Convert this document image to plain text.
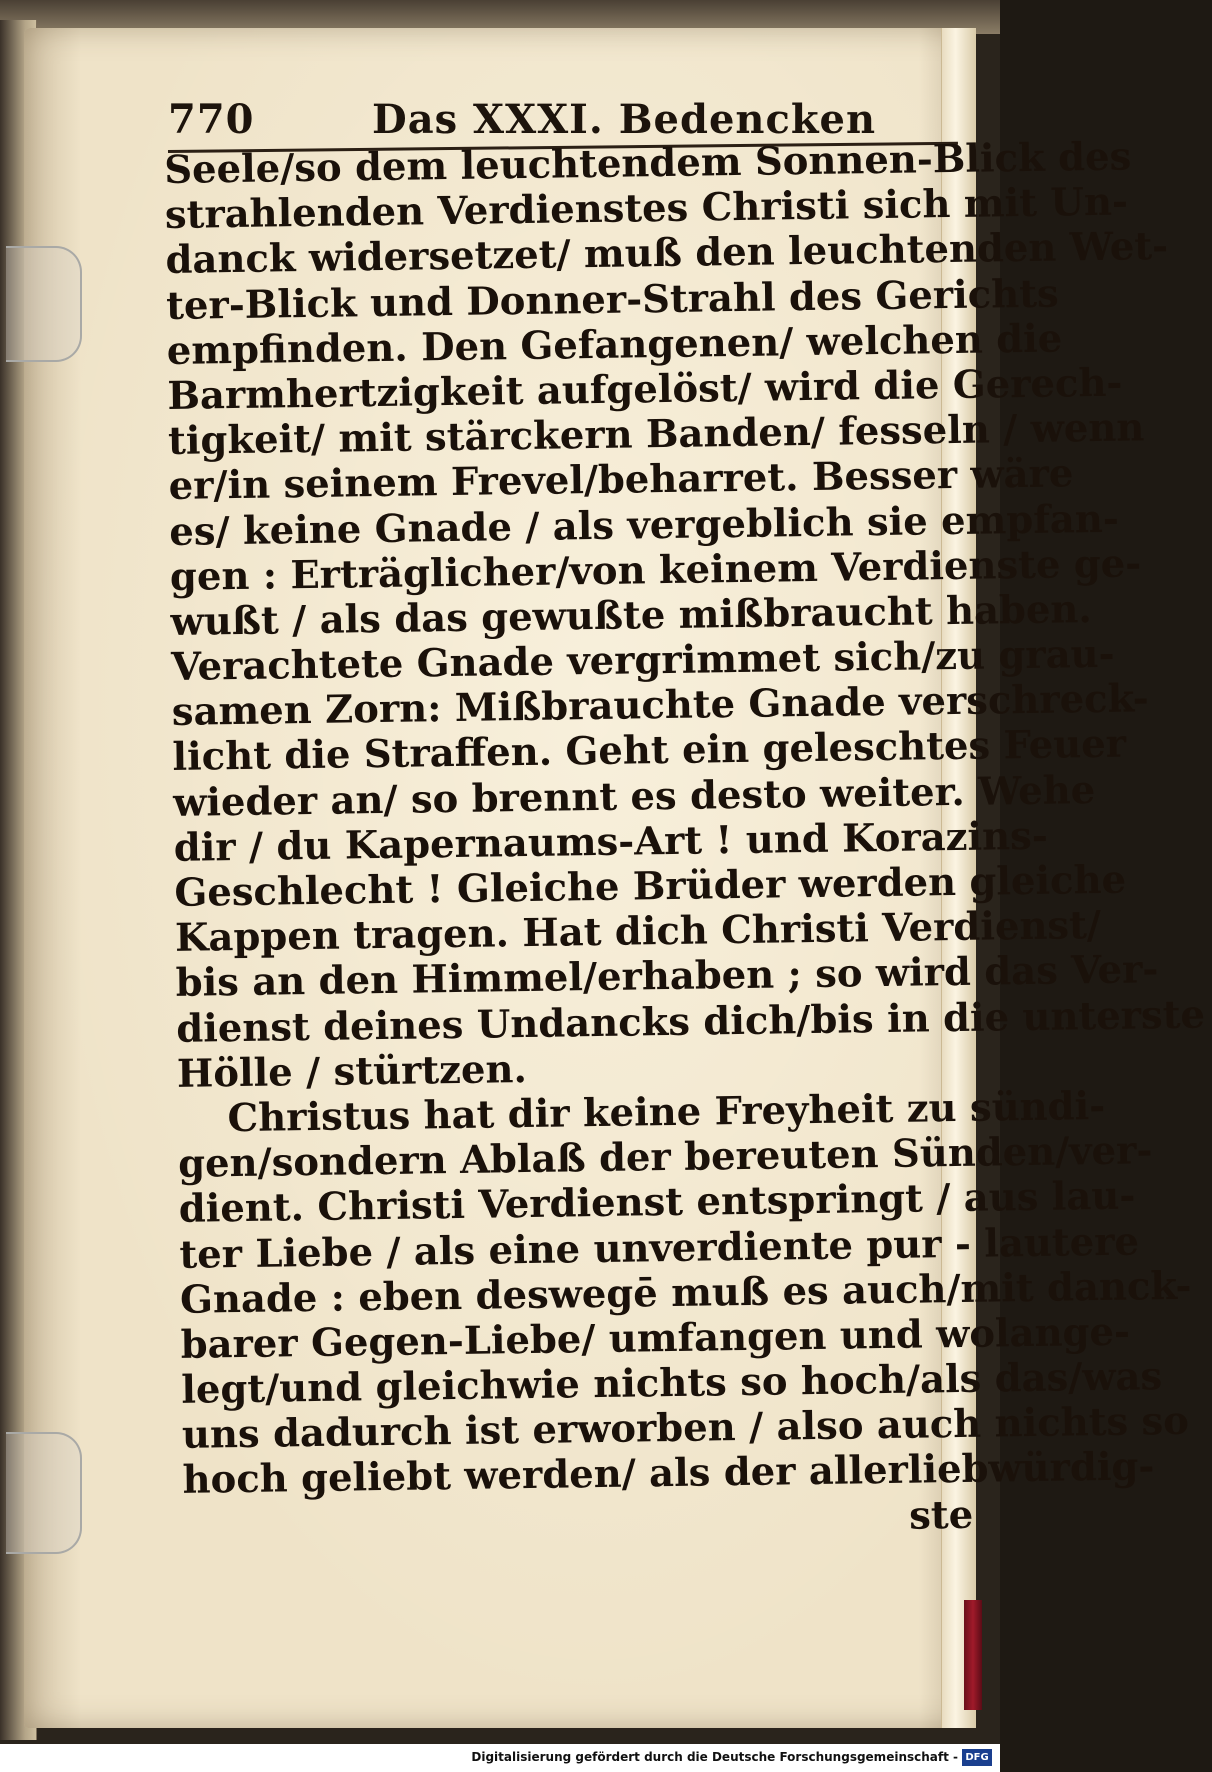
770	Das XXXI. Bedencken
Seele/so dem leuchtendem Sonnen-Blick des
strahlenden Verdienstes Christi sich mit Un-
danck widersetzet/ muß den leuchtenden Wet-
ter-Blick und Donner-Strahl des Gerichts
empfinden. Den Gefangenen/ welchen die
Barmhertzigkeit aufgelöst/ wird die Gerech-
tigkeit/ mit stärckern Banden/ fesseln / wenn
er/in seinem Frevel/beharret. Besser wäre
es/ keine Gnade / als vergeblich sie empfan-
gen : Erträglicher/von keinem Verdienste ge-
wußt / als das gewußte mißbraucht haben.
Verachtete Gnade vergrimmet sich/zu grau-
samen Zorn: Mißbrauchte Gnade verschreck-
licht die Straffen. Geht ein geleschtes Feuer
wieder an/ so brennt es desto weiter. Wehe
dir / du Kapernaums-Art ! und Korazins-
Geschlecht ! Gleiche Brüder werden gleiche
Kappen tragen. Hat dich Christi Verdienst/
bis an den Himmel/erhaben ; so wird das Ver-
dienst deines Undancks dich/bis in die unterste
Hölle / stürtzen.
Christus hat dir keine Freyheit zu sündi-
gen/sondern Ablaß der bereuten Sünden/ver-
dient. Christi Verdienst entspringt / aus lau-
ter Liebe / als eine unverdiente pur - lautere
Gnade : eben deswegē muß es auch/mit danck-
barer Gegen-Liebe/ umfangen und wolange-
legt/und gleichwie nichts so hoch/als das/was
uns dadurch ist erworben / also auch nichts so
hoch geliebt werden/ als der allerliebwürdig-
ste
Digitalisierung gefördert durch die Deutsche Forschungsgemeinschaft - DFG
